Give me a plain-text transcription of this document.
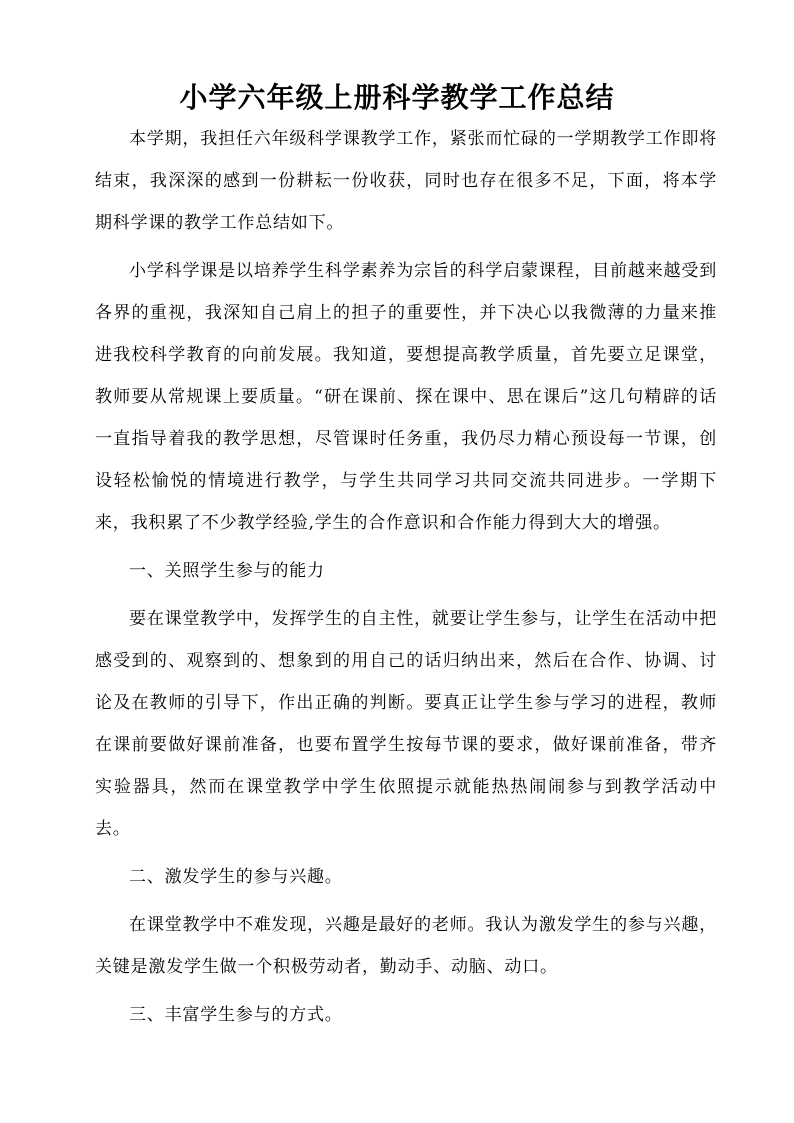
小学六年级上册科学教学工作总结

本学期，我担任六年级科学课教学工作，紧张而忙碌的一学期教学工作即将结束，我深深的感到一份耕耘一份收获，同时也存在很多不足，下面，将本学期科学课的教学工作总结如下。

小学科学课是以培养学生科学素养为宗旨的科学启蒙课程，目前越来越受到各界的重视，我深知自己肩上的担子的重要性，并下决心以我微薄的力量来推进我校科学教育的向前发展。我知道，要想提高教学质量，首先要立足课堂，教师要从常规课上要质量。“研在课前、探在课中、思在课后”这几句精辟的话一直指导着我的教学思想，尽管课时任务重，我仍尽力精心预设每一节课，创设轻松愉悦的情境进行教学，与学生共同学习共同交流共同进步。一学期下来，我积累了不少教学经验,学生的合作意识和合作能力得到大大的增强。

一、关照学生参与的能力

要在课堂教学中，发挥学生的自主性，就要让学生参与，让学生在活动中把感受到的、观察到的、想象到的用自己的话归纳出来，然后在合作、协调、讨论及在教师的引导下，作出正确的判断。要真正让学生参与学习的进程，教师在课前要做好课前准备，也要布置学生按每节课的要求，做好课前准备，带齐实验器具，然而在课堂教学中学生依照提示就能热热闹闹参与到教学活动中去。

二、激发学生的参与兴趣。

在课堂教学中不难发现，兴趣是最好的老师。我认为激发学生的参与兴趣，关键是激发学生做一个积极劳动者，勤动手、动脑、动口。

三、丰富学生参与的方式。
